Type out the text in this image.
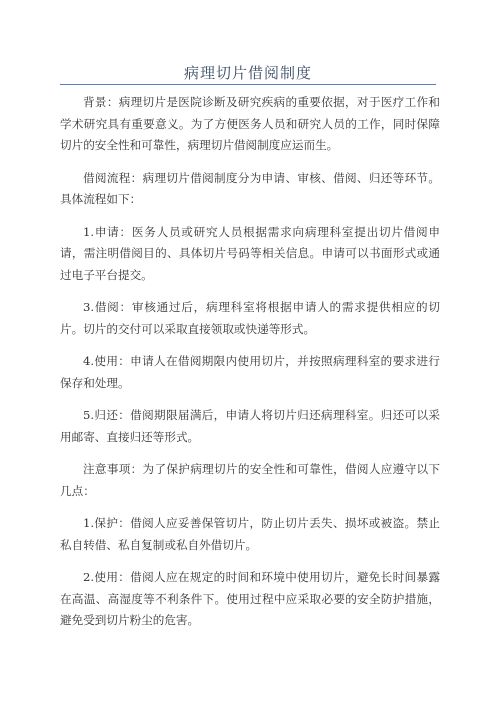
病理切片借阅制度

背景：病理切片是医院诊断及研究疾病的重要依据，对于医疗工作和学术研究具有重要意义。为了方便医务人员和研究人员的工作，同时保障切片的安全性和可靠性，病理切片借阅制度应运而生。

借阅流程：病理切片借阅制度分为申请、审核、借阅、归还等环节。具体流程如下：

1.申请：医务人员或研究人员根据需求向病理科室提出切片借阅申请，需注明借阅目的、具体切片号码等相关信息。申请可以书面形式或通过电子平台提交。

3.借阅：审核通过后，病理科室将根据申请人的需求提供相应的切片。切片的交付可以采取直接领取或快递等形式。

4.使用：申请人在借阅期限内使用切片，并按照病理科室的要求进行保存和处理。

5.归还：借阅期限届满后，申请人将切片归还病理科室。归还可以采用邮寄、直接归还等形式。

注意事项：为了保护病理切片的安全性和可靠性，借阅人应遵守以下几点：

1.保护：借阅人应妥善保管切片，防止切片丢失、损坏或被盗。禁止私自转借、私自复制或私自外借切片。

2.使用：借阅人应在规定的时间和环境中使用切片，避免长时间暴露在高温、高湿度等不利条件下。使用过程中应采取必要的安全防护措施，避免受到切片粉尘的危害。
